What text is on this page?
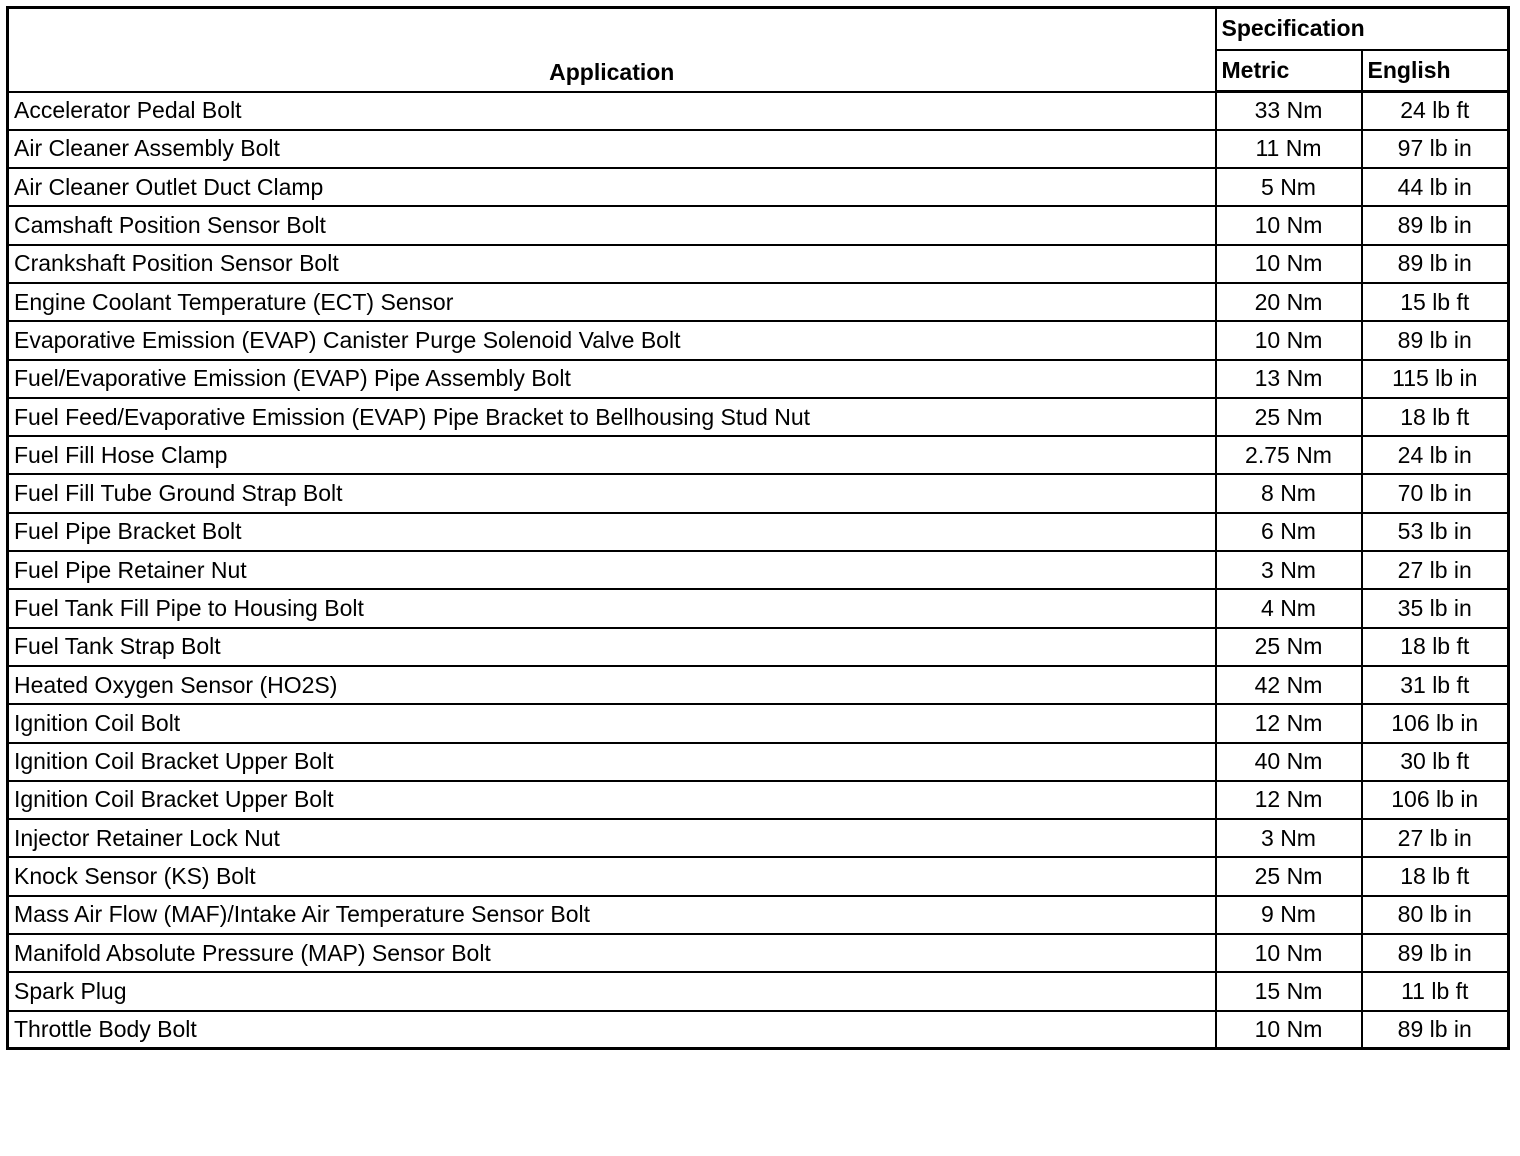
Application	Specification	
	Metric	English
Accelerator Pedal Bolt	33 Nm	24 lb ft
Air Cleaner Assembly Bolt	11 Nm	97 lb in
Air Cleaner Outlet Duct Clamp	5 Nm	44 lb in
Camshaft Position Sensor Bolt	10 Nm	89 lb in
Crankshaft Position Sensor Bolt	10 Nm	89 lb in
Engine Coolant Temperature (ECT) Sensor	20 Nm	15 lb ft
Evaporative Emission (EVAP) Canister Purge Solenoid Valve Bolt	10 Nm	89 lb in
Fuel/Evaporative Emission (EVAP) Pipe Assembly Bolt	13 Nm	115 lb in
Fuel Feed/Evaporative Emission (EVAP) Pipe Bracket to Bellhousing Stud Nut	25 Nm	18 lb ft
Fuel Fill Hose Clamp	2.75 Nm	24 lb in
Fuel Fill Tube Ground Strap Bolt	8 Nm	70 lb in
Fuel Pipe Bracket Bolt	6 Nm	53 lb in
Fuel Pipe Retainer Nut	3 Nm	27 lb in
Fuel Tank Fill Pipe to Housing Bolt	4 Nm	35 lb in
Fuel Tank Strap Bolt	25 Nm	18 lb ft
Heated Oxygen Sensor (HO2S)	42 Nm	31 lb ft
Ignition Coil Bolt	12 Nm	106 lb in
Ignition Coil Bracket Upper Bolt	40 Nm	30 lb ft
Ignition Coil Bracket Upper Bolt	12 Nm	106 lb in
Injector Retainer Lock Nut	3 Nm	27 lb in
Knock Sensor (KS) Bolt	25 Nm	18 lb ft
Mass Air Flow (MAF)/Intake Air Temperature Sensor Bolt	9 Nm	80 lb in
Manifold Absolute Pressure (MAP) Sensor Bolt	10 Nm	89 lb in
Spark Plug	15 Nm	11 lb ft
Throttle Body Bolt	10 Nm	89 lb in
